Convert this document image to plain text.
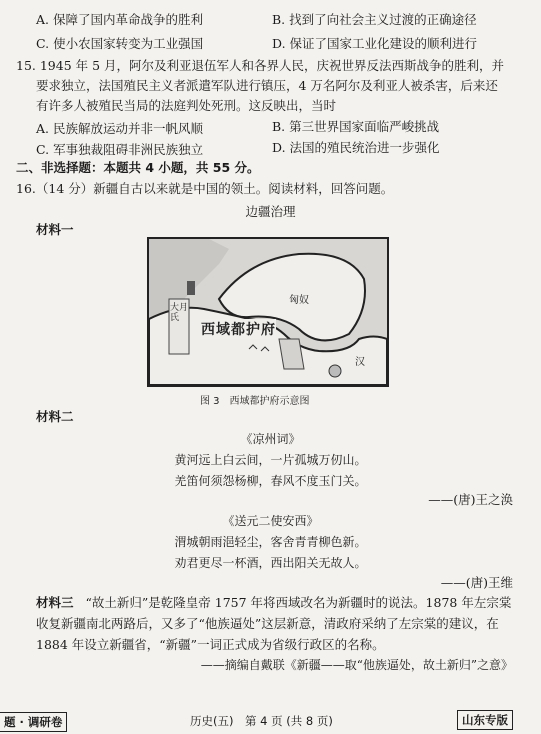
A. 保障了国内革命战争的胜利	B. 找到了向社会主义过渡的正确途径
C. 使小农国家转变为工业强国	D. 保证了国家工业化建设的顺利进行
15. 1945 年 5 月，阿尔及利亚退伍军人和各界人民，庆祝世界反法西斯战争的胜利，并
要求独立，法国殖民主义者派遣军队进行镇压，4 万名阿尔及利亚人被杀害，后来还
有许多人被殖民当局的法庭判处死刑。这反映出，当时
A. 民族解放运动并非一帆风顺	B. 第三世界国家面临严峻挑战
C. 军事独裁阻碍非洲民族独立	D. 法国的殖民统治进一步强化
二、非选择题：本题共 4 小题，共 55 分。
16.（14 分）新疆自古以来就是中国的领土。阅读材料，回答问题。
边疆治理
材料一
西域都护府
匈奴
汉
大月氏
图 3　西域都护府示意图
材料二
《凉州词》
黄河远上白云间，一片孤城万仞山。
羌笛何须怨杨柳，春风不度玉门关。
——(唐)王之涣
《送元二使安西》
渭城朝雨浥轻尘，客舍青青柳色新。
劝君更尽一杯酒，西出阳关无故人。
——(唐)王维
材料三 “故土新归”是乾隆皇帝 1757 年将西域改名为新疆时的说法。1878 年左宗棠收复新疆南北两路后，又多了“他族逼处”这层新意，清政府采纳了左宗棠的建议，在 1884 年设立新疆省，“新疆”一词正式成为省级行政区的名称。
——摘编自戴联《新疆——取“他族逼处，故土新归”之意》
题 · 调研卷	历史(五)　第 4 页 (共 8 页)	山东专版
